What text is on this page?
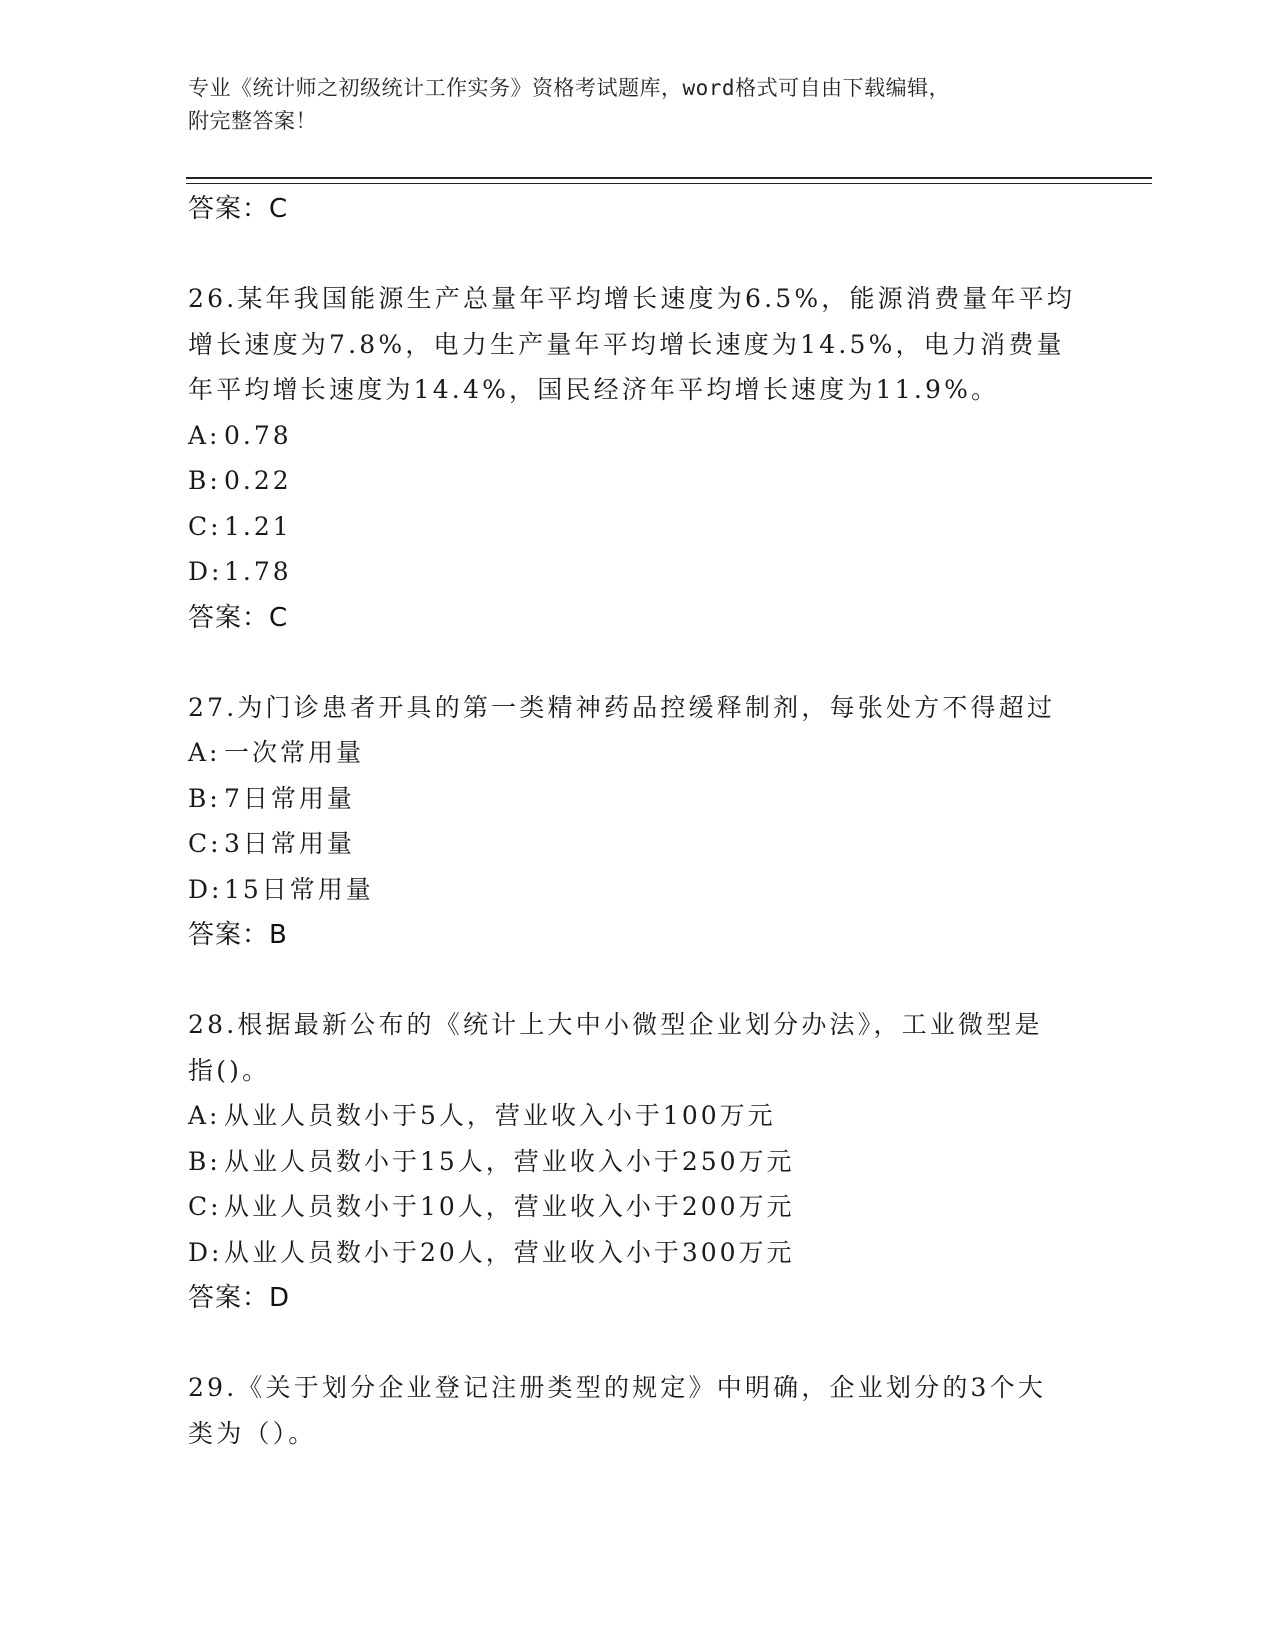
专业《统计师之初级统计工作实务》资格考试题库，word格式可自由下载编辑，
附完整答案！
答案：C
26.某年我国能源生产总量年平均增长速度为6.5%，能源消费量年平均
增长速度为7.8%，电力生产量年平均增长速度为14.5%，电力消费量
年平均增长速度为14.4%，国民经济年平均增长速度为11.9%。
A: 0.78
B: 0.22
C:1.21
D:1.78
答案：C
27.为门诊患者开具的第一类精神药品控缓释制剂，每张处方不得超过
A: 一次常用量
B: 7日常用量
C:3日常用量
D:15日常用量
答案：B
28.根据最新公布的《统计上大中小微型企业划分办法》，工业微型是
指()。
A: 从业人员数小于5人，营业收入小于100万元
B: 从业人员数小于15人，营业收入小于250万元
C:从业人员数小于10人，营业收入小于200万元
D:从业人员数小于20人，营业收入小于300万元
答案：D
29.《关于划分企业登记注册类型的规定》中明确，企业划分的3个大
类为（）。
